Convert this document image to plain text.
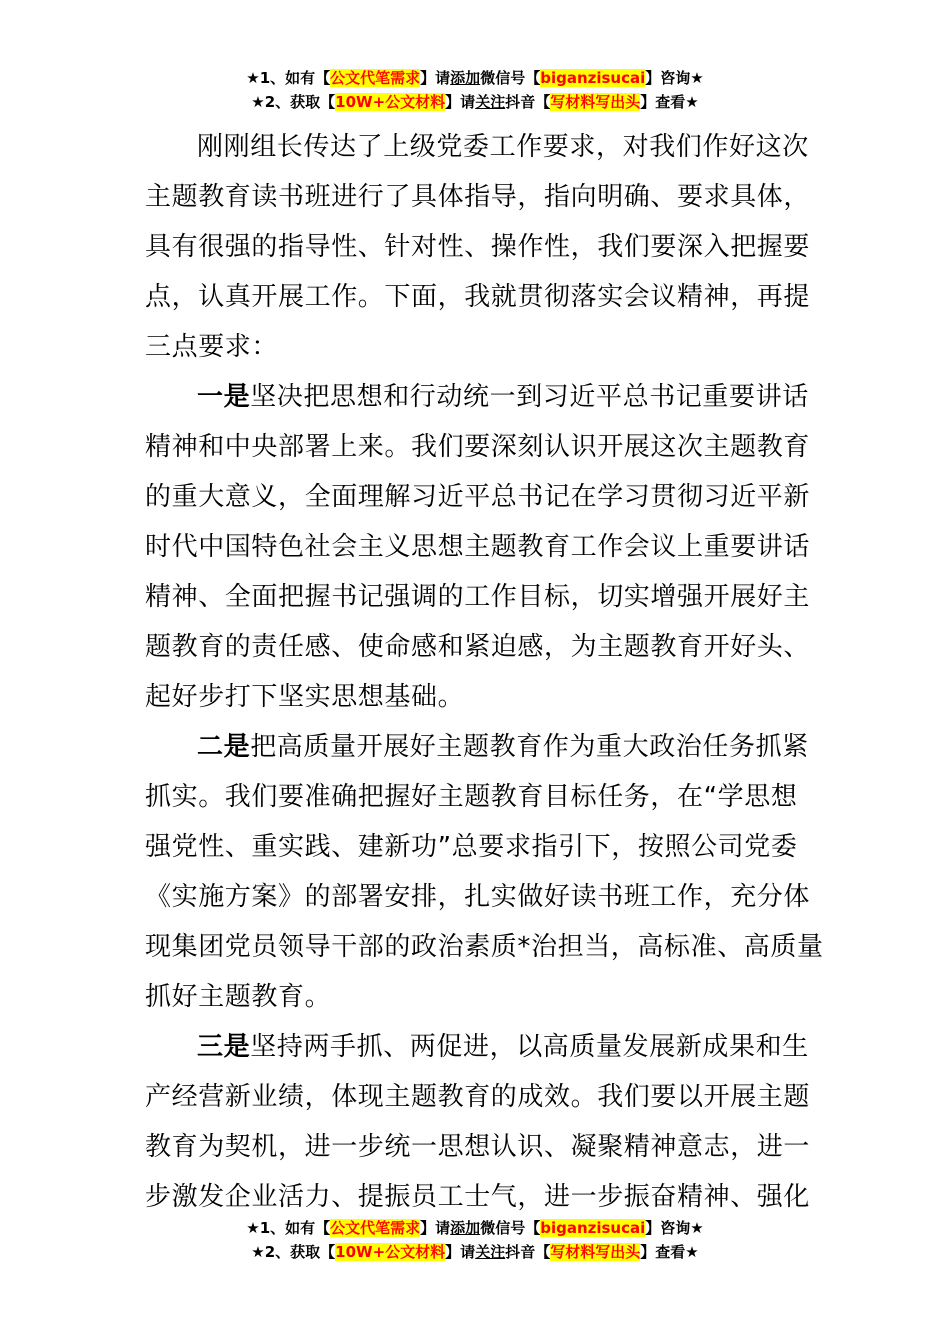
★1、如有【公文代笔需求】请添加微信号【biganzisucai】咨询★
★2、获取【10W+公文材料】请关注抖音【写材料写出头】查看★
刚刚组长传达了上级党委工作要求，对我们作好这次
主题教育读书班进行了具体指导，指向明确、要求具体，
具有很强的指导性、针对性、操作性，我们要深入把握要
点，认真开展工作。下面，我就贯彻落实会议精神，再提
三点要求：
一是坚决把思想和行动统一到习近平总书记重要讲话
精神和中央部署上来。我们要深刻认识开展这次主题教育
的重大意义，全面理解习近平总书记在学习贯彻习近平新
时代中国特色社会主义思想主题教育工作会议上重要讲话
精神、全面把握书记强调的工作目标，切实增强开展好主
题教育的责任感、使命感和紧迫感，为主题教育开好头、
起好步打下坚实思想基础。
二是把高质量开展好主题教育作为重大政治任务抓紧
抓实。我们要准确把握好主题教育目标任务，在“学思想
强党性、重实践、建新功”总要求指引下，按照公司党委
《实施方案》的部署安排，扎实做好读书班工作，充分体
现集团党员领导干部的政治素质*治担当，高标准、高质量
抓好主题教育。
三是坚持两手抓、两促进，以高质量发展新成果和生
产经营新业绩，体现主题教育的成效。我们要以开展主题
教育为契机，进一步统一思想认识、凝聚精神意志，进一
步激发企业活力、提振员工士气，进一步振奋精神、强化
★1、如有【公文代笔需求】请添加微信号【biganzisucai】咨询★
★2、获取【10W+公文材料】请关注抖音【写材料写出头】查看★
